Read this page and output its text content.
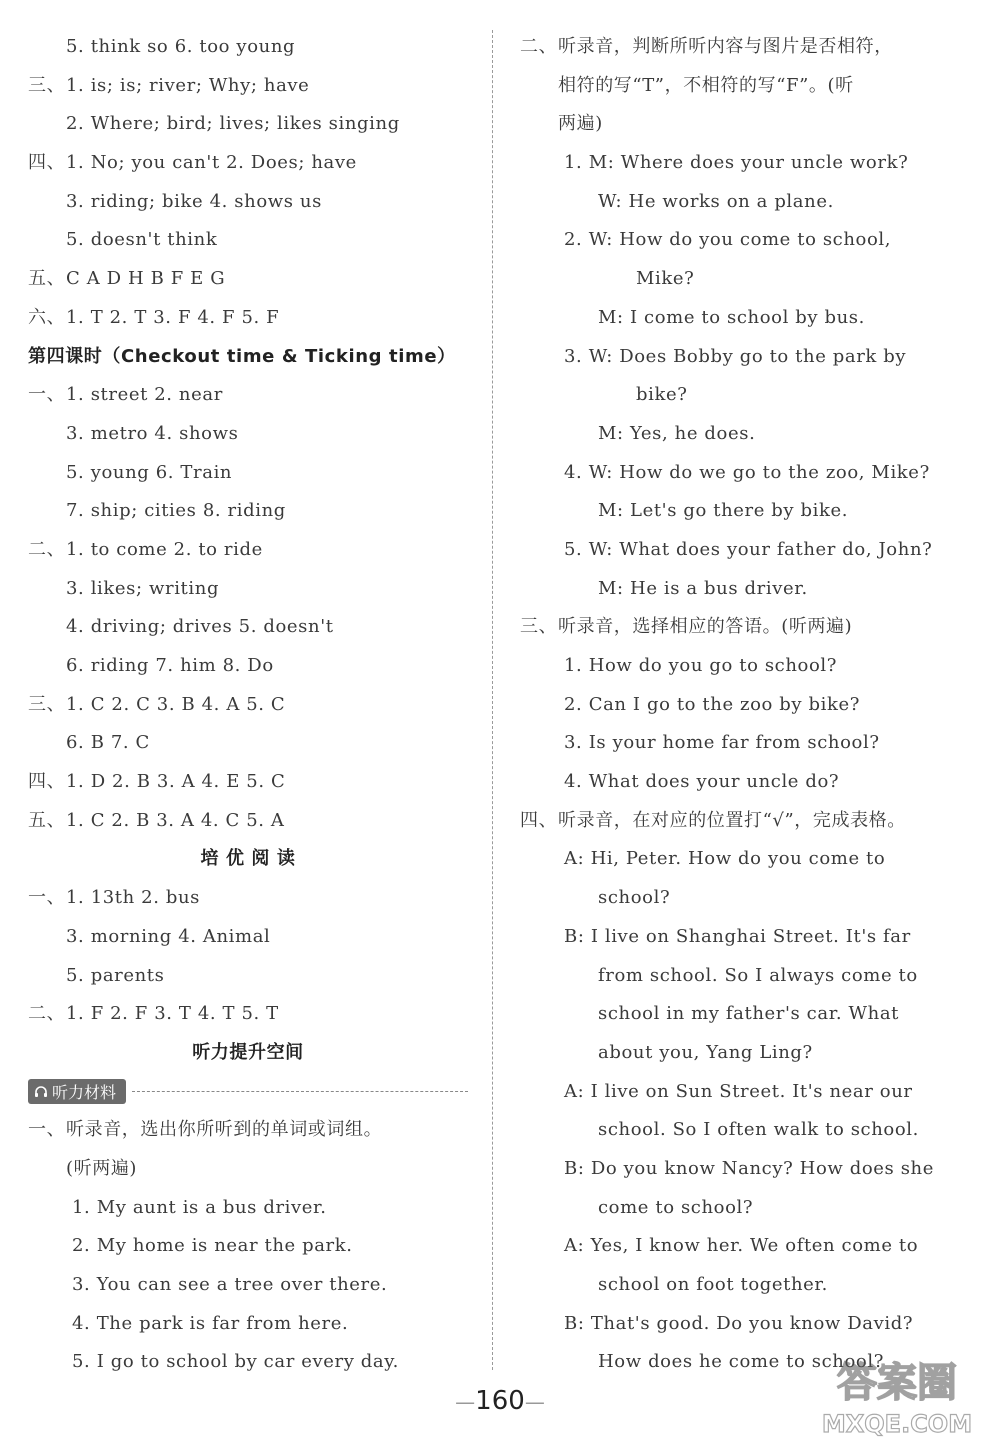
5. think so 6. too young
三、1. is; is; river; Why; have
2. Where; bird; lives; likes singing
四、1. No; you can't 2. Does; have
3. riding; bike 4. shows us
5. doesn't think
五、C A D H B F E G
六、1. T 2. T 3. F 4. F 5. F
第四课时（Checkout time & Ticking time）
一、1. street 2. near
3. metro 4. shows
5. young 6. Train
7. ship; cities 8. riding
二、1. to come 2. to ride
3. likes; writing
4. driving; drives 5. doesn't
6. riding 7. him 8. Do
三、1. C 2. C 3. B 4. A 5. C
6. B 7. C
四、1. D 2. B 3. A 4. E 5. C
五、1. C 2. B 3. A 4. C 5. A
培 优 阅 读
一、1. 13th 2. bus
3. morning 4. Animal
5. parents
二、1. F 2. F 3. T 4. T 5. T
听力提升空间
听力材料
一、听录音，选出你所听到的单词或词组。
(听两遍)
1. My aunt is a bus driver.
2. My home is near the park.
3. You can see a tree over there.
4. The park is far from here.
5. I go to school by car every day.
二、听录音，判断所听内容与图片是否相符，
相符的写“T”，不相符的写“F”。(听
两遍)
1. M: Where does your uncle work?
W: He works on a plane.
2. W: How do you come to school,
Mike?
M: I come to school by bus.
3. W: Does Bobby go to the park by
bike?
M: Yes, he does.
4. W: How do we go to the zoo, Mike?
M: Let's go there by bike.
5. W: What does your father do, John?
M: He is a bus driver.
三、听录音，选择相应的答语。(听两遍)
1. How do you go to school?
2. Can I go to the zoo by bike?
3. Is your home far from school?
4. What does your uncle do?
四、听录音，在对应的位置打“√”，完成表格。
A: Hi, Peter. How do you come to
school?
B: I live on Shanghai Street. It's far
from school. So I always come to
school in my father's car. What
about you, Yang Ling?
A: I live on Sun Street. It's near our
school. So I often walk to school.
B: Do you know Nancy? How does she
come to school?
A: Yes, I know her. We often come to
school on foot together.
B: That's good. Do you know David?
How does he come to school?
—160—	答案圈
MXQE.COM
